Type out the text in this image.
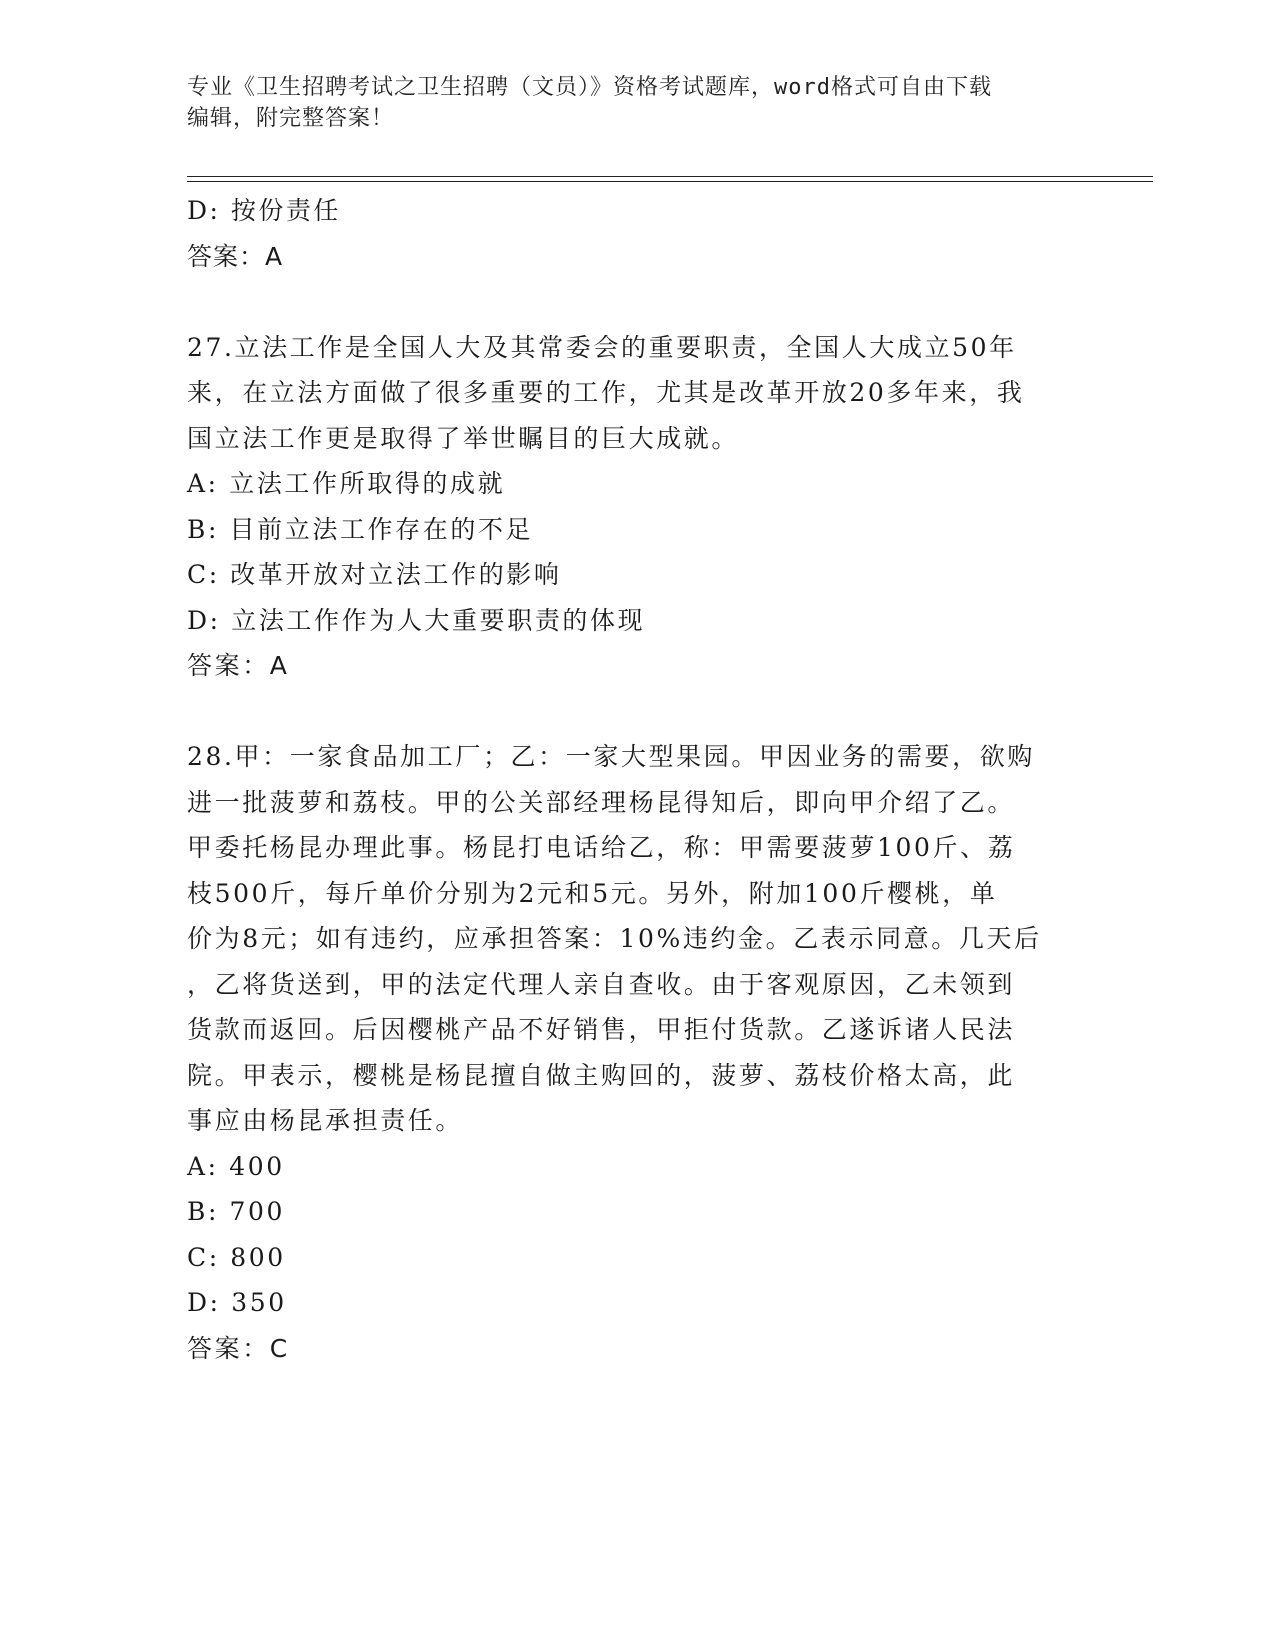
专业《卫生招聘考试之卫生招聘（文员）》资格考试题库，word格式可自由下载
编辑，附完整答案！

D: 按份责任

答案：A

27.立法工作是全国人大及其常委会的重要职责，全国人大成立50年

来，在立法方面做了很多重要的工作，尤其是改革开放20多年来，我

国立法工作更是取得了举世瞩目的巨大成就。

A: 立法工作所取得的成就

B: 目前立法工作存在的不足

C: 改革开放对立法工作的影响

D: 立法工作作为人大重要职责的体现

答案：A

28.甲：一家食品加工厂；乙：一家大型果园。甲因业务的需要，欲购

进一批菠萝和荔枝。甲的公关部经理杨昆得知后，即向甲介绍了乙。

甲委托杨昆办理此事。杨昆打电话给乙，称：甲需要菠萝100斤、荔

枝500斤，每斤单价分别为2元和5元。另外，附加100斤樱桃，单

价为8元；如有违约，应承担答案：10%违约金。乙表示同意。几天后

，乙将货送到，甲的法定代理人亲自查收。由于客观原因，乙未领到

货款而返回。后因樱桃产品不好销售，甲拒付货款。乙遂诉诸人民法

院。甲表示，樱桃是杨昆擅自做主购回的，菠萝、荔枝价格太高，此

事应由杨昆承担责任。

A: 400

B: 700

C: 800

D: 350

答案：C
